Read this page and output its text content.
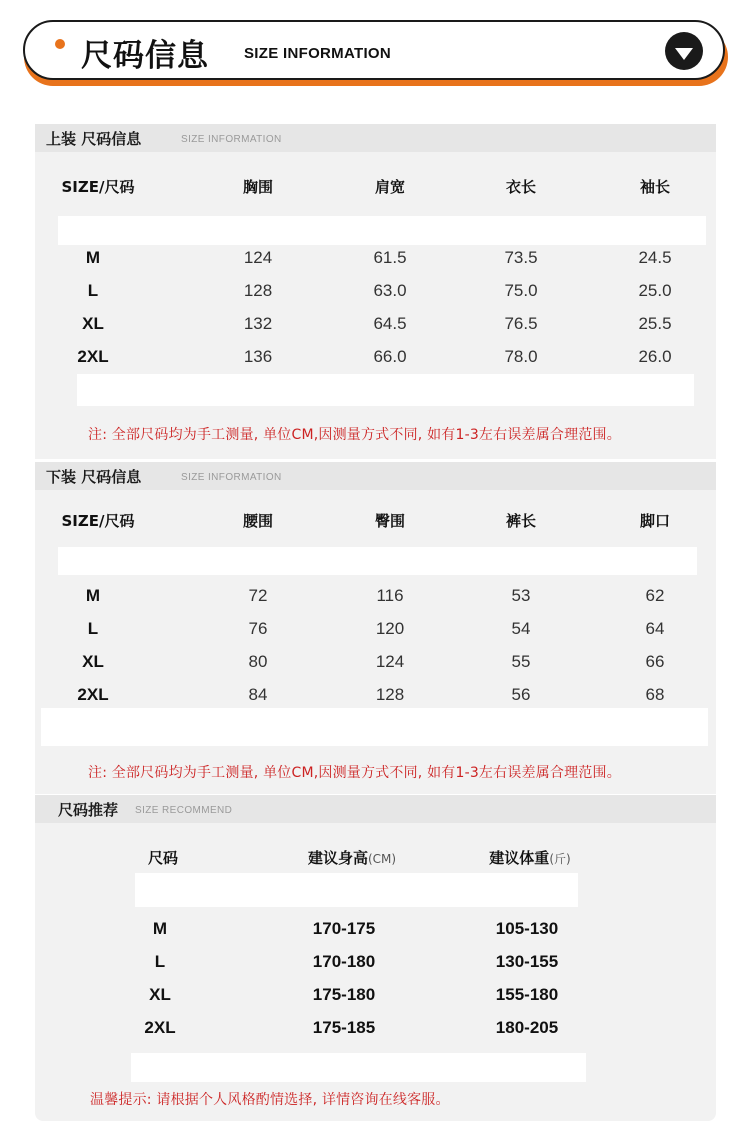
尺码信息 SIZE INFORMATION
上装 尺码信息	SIZE INFORMATION
SIZE/尺码	胸围	肩宽	衣长	袖长
M	124	61.5	73.5	24.5
L	128	63.0	75.0	25.0
XL	132	64.5	76.5	25.5
2XL	136	66.0	78.0	26.0
注: 全部尺码均为手工测量, 单位CM,因测量方式不同, 如有1-3左右误差属合理范围。
下装 尺码信息	SIZE INFORMATION
SIZE/尺码	腰围	臀围	裤长	脚口
M	72	116	53	62
L	76	120	54	64
XL	80	124	55	66
2XL	84	128	56	68
注: 全部尺码均为手工测量, 单位CM,因测量方式不同, 如有1-3左右误差属合理范围。
尺码推荐 SIZE RECOMMEND
尺码	建议身高(CM)	建议体重(斤)
M	170-175	105-130
L	170-180	130-155
XL	175-180	155-180
2XL	175-185	180-205
温馨提示: 请根据个人风格酌情选择, 详情咨询在线客服。
